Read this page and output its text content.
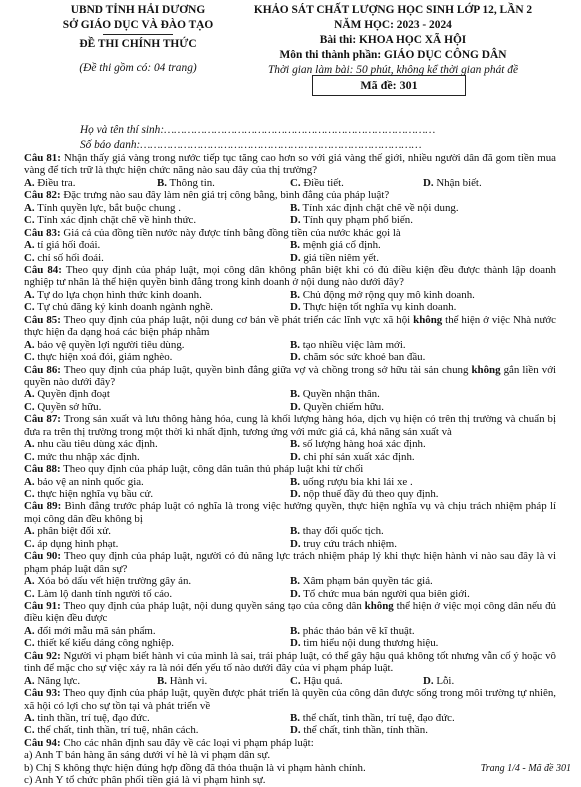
UBND TỈNH HẢI DƯƠNG
SỞ GIÁO DỤC VÀ ĐÀO TẠO
ĐỀ THI CHÍNH THỨC
(Đề thi gồm có: 04 trang)
KHẢO SÁT CHẤT LƯỢNG HỌC SINH LỚP 12, LẦN 2
NĂM HỌC: 2023 - 2024
Bài thi: KHOA HỌC XÃ HỘI
Môn thi thành phần: GIÁO DỤC CÔNG DÂN
Thời gian làm bài: 50 phút, không kể thời gian phát đề
Mã đề: 301
Họ và tên thí sinh:………………………………………………………………………
Số báo danh:…………………………………………………………………………
Câu 81: Nhận thấy giá vàng trong nước tiếp tục tăng cao hơn so với giá vàng thế giới, nhiều người dân đã gom tiền mua vàng để tích trữ là thực hiện chức năng nào sau đây của thị trường?
A. Điều tra.	B. Thông tin.	C. Điều tiết.	D. Nhận biết.
Câu 82: Đặc trưng nào sau đây làm nên giá trị công bằng, bình đẳng của pháp luật?
A. Tính quyền lực, bắt buộc chung .	B. Tính xác định chặt chẽ về nội dung.
C. Tính xác định chặt chẽ về hình thức.	D. Tính quy phạm phổ biến.
Câu 83: Giá cả của đồng tiền nước này được tính bằng đồng tiền của nước khác gọi là
A. tỉ giá hối đoái.	B. mệnh giá cổ định.
C. chỉ số hối đoái.	D. giá tiền niêm yết.
Câu 84: Theo quy định của pháp luật, mọi công dân không phân biệt khi có đủ điều kiện đều được thành lập doanh nghiệp tư nhân là thể hiện quyền bình đẳng trong kinh doanh ở nội dung nào dưới đây?
A. Tự do lựa chọn hình thức kinh doanh.	B. Chủ động mở rộng quy mô kinh doanh.
C. Tự chủ đăng ký kinh doanh ngành nghề.	D. Thực hiện tốt nghĩa vụ kinh doanh.
Câu 85: Theo quy định của pháp luật, nội dung cơ bản về phát triển các lĩnh vực xã hội không thể hiện ở việc Nhà nước thực hiện đa dạng hoá các biện pháp nhằm
A. bảo vệ quyền lợi người tiêu dùng.	B. tạo nhiều việc làm mới.
C. thực hiện xoá đói, giảm nghèo.	D. chăm sóc sức khoẻ ban đầu.
Câu 86: Theo quy định của pháp luật, quyền bình đẳng giữa vợ và chồng trong sở hữu tài sản chung không gắn liền với quyền nào dưới đây?
A. Quyền định đoạt	B. Quyền nhận thân.
C. Quyền sở hữu.	D. Quyền chiếm hữu.
Câu 87: Trong sản xuất và lưu thông hàng hóa, cung là khối lượng hàng hóa, dịch vụ hiện có trên thị trường và chuẩn bị đưa ra trên thị trường trong một thời kì nhất định, tương ứng với mức giá cả, khả năng sản xuất và
A. nhu cầu tiêu dùng xác định.	B. số lượng hàng hoá xác định.
C. mức thu nhập xác định.	D. chi phí sản xuất xác định.
Câu 88: Theo quy định của pháp luật, công dân tuân thủ pháp luật khi từ chối
A. bảo vệ an ninh quốc gia.	B. uống rượu bia khi lái xe .
C. thực hiện nghĩa vụ bầu cử.	D. nộp thuế đầy đủ theo quy định.
Câu 89: Bình đẳng trước pháp luật có nghĩa là trong việc hưởng quyền, thực hiện nghĩa vụ và chịu trách nhiệm pháp lí mọi công dân đều không bị
A. phân biệt đối xử.	B. thay đổi quốc tịch.
C. áp dụng hình phạt.	D. truy cứu trách nhiệm.
Câu 90: Theo quy định của pháp luật, người có đủ năng lực trách nhiệm pháp lý khi thực hiện hành vi nào sau đây là vi phạm pháp luật dân sự?
A. Xóa bỏ dấu vết hiện trường gây án.	B. Xâm phạm bản quyền tác giả.
C. Làm lộ danh tính người tố cáo.	D. Tổ chức mua bán người qua biên giới.
Câu 91: Theo quy định của pháp luật, nội dung quyền sáng tạo của công dân không thể hiện ở việc mọi công dân nếu đủ điều kiện đều được
A. đổi mới mẫu mã sản phẩm.	B. phác thảo bản vẽ kĩ thuật.
C. thiết kế kiểu dáng công nghiệp.	D. tìm hiểu nội dung thương hiệu.
Câu 92: Người vi phạm biết hành vi của mình là sai, trái pháp luật, có thể gây hậu quả không tốt nhưng vẫn cố ý hoặc vô tình để mặc cho sự việc xảy ra là nói đến yếu tố nào dưới đây của vi phạm pháp luật.
A. Năng lực.	B. Hành vi.	C. Hậu quả.	D. Lỗi.
Câu 93: Theo quy định của pháp luật, quyền được phát triển là quyền của công dân được sống trong môi trường tự nhiên, xã hội có lợi cho sự tồn tại và phát triển về
A. tinh thần, trí tuệ, đạo đức.	B. thể chất, tinh thần, trí tuệ, đạo đức.
C. thể chất, tinh thần, trí tuệ, nhân cách.	D. thể chất, tinh thần, tính thần.
Câu 94: Cho các nhân định sau đây về các loại vi phạm pháp luật:
a) Anh T bán hàng ăn sáng dưới vỉ hè là vi phạm dân sự.
b) Chị S không thực hiện đúng hợp đồng đã thỏa thuận là vi phạm hành chính.
c) Anh Y tổ chức phân phối tiền giả là vi phạm hình sự.
Trang 1/4 - Mã đề 301
